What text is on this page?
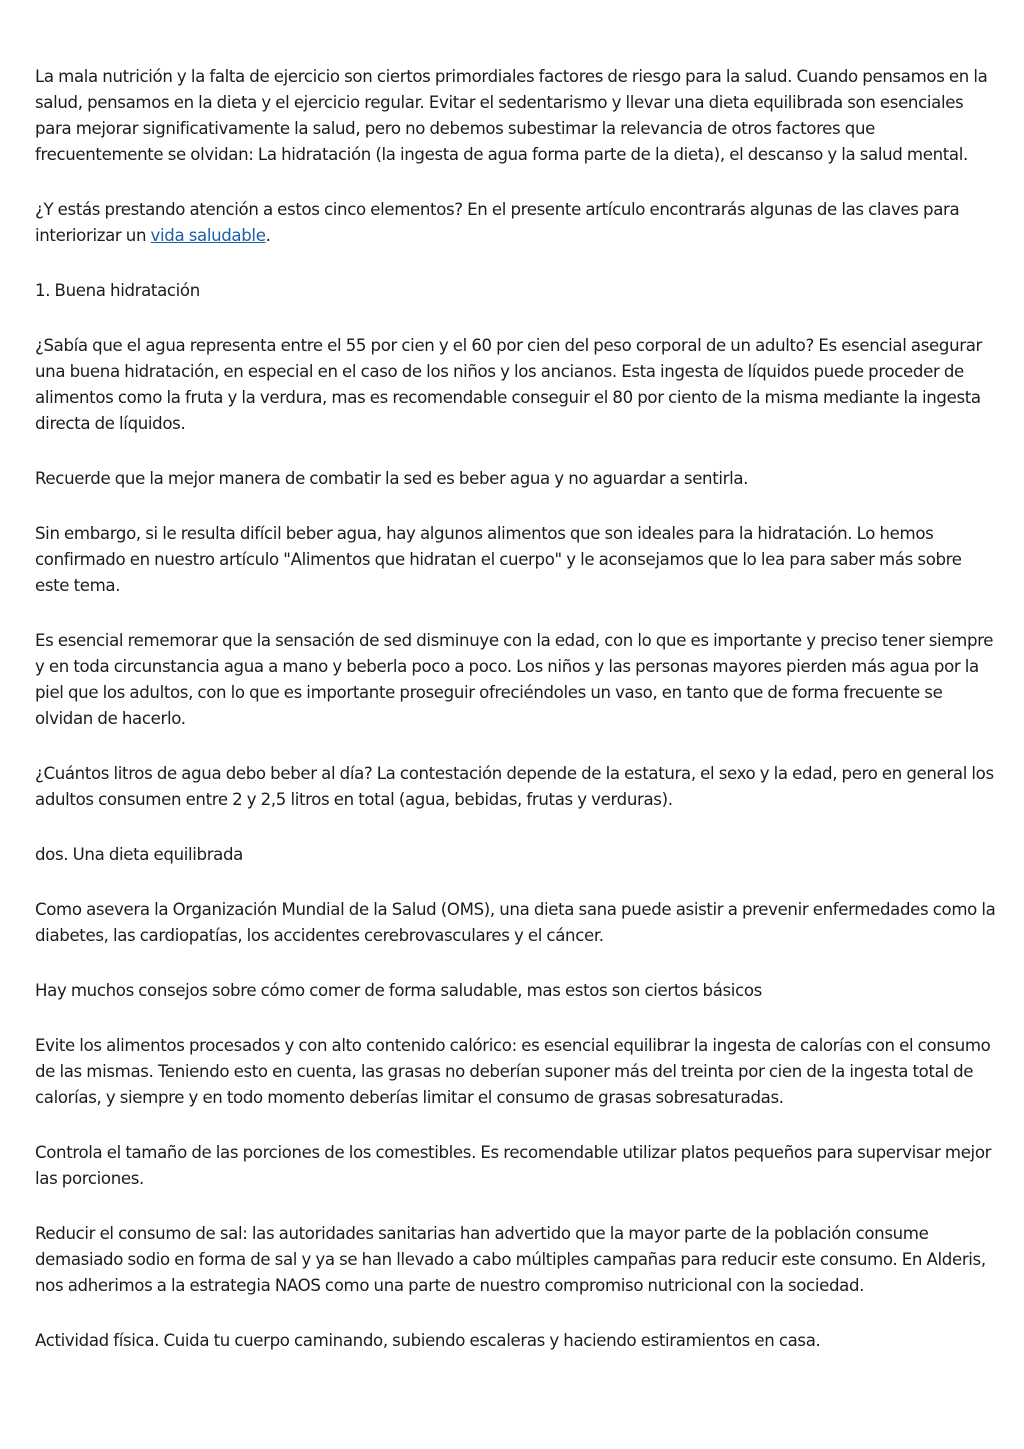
La mala nutrición y la falta de ejercicio son ciertos primordiales factores de riesgo para la salud. Cuando pensamos en la salud, pensamos en la dieta y el ejercicio regular. Evitar el sedentarismo y llevar una dieta equilibrada son esenciales para mejorar significativamente la salud, pero no debemos subestimar la relevancia de otros factores que frecuentemente se olvidan: La hidratación (la ingesta de agua forma parte de la dieta), el descanso y la salud mental.

¿Y estás prestando atención a estos cinco elementos? En el presente artículo encontrarás algunas de las claves para interiorizar un vida saludable.

1. Buena hidratación

¿Sabía que el agua representa entre el 55 por cien y el 60 por cien del peso corporal de un adulto? Es esencial asegurar una buena hidratación, en especial en el caso de los niños y los ancianos. Esta ingesta de líquidos puede proceder de alimentos como la fruta y la verdura, mas es recomendable conseguir el 80 por ciento de la misma mediante la ingesta directa de líquidos.

Recuerde que la mejor manera de combatir la sed es beber agua y no aguardar a sentirla.

Sin embargo, si le resulta difícil beber agua, hay algunos alimentos que son ideales para la hidratación. Lo hemos confirmado en nuestro artículo "Alimentos que hidratan el cuerpo" y le aconsejamos que lo lea para saber más sobre este tema.

Es esencial rememorar que la sensación de sed disminuye con la edad, con lo que es importante y preciso tener siempre y en toda circunstancia agua a mano y beberla poco a poco. Los niños y las personas mayores pierden más agua por la piel que los adultos, con lo que es importante proseguir ofreciéndoles un vaso, en tanto que de forma frecuente se olvidan de hacerlo.

¿Cuántos litros de agua debo beber al día? La contestación depende de la estatura, el sexo y la edad, pero en general los adultos consumen entre 2 y 2,5 litros en total (agua, bebidas, frutas y verduras).

dos. Una dieta equilibrada

Como asevera la Organización Mundial de la Salud (OMS), una dieta sana puede asistir a prevenir enfermedades como la diabetes, las cardiopatías, los accidentes cerebrovasculares y el cáncer.

Hay muchos consejos sobre cómo comer de forma saludable, mas estos son ciertos básicos

Evite los alimentos procesados y con alto contenido calórico: es esencial equilibrar la ingesta de calorías con el consumo de las mismas. Teniendo esto en cuenta, las grasas no deberían suponer más del treinta por cien de la ingesta total de calorías, y siempre y en todo momento deberías limitar el consumo de grasas sobresaturadas.

Controla el tamaño de las porciones de los comestibles. Es recomendable utilizar platos pequeños para supervisar mejor las porciones.

Reducir el consumo de sal: las autoridades sanitarias han advertido que la mayor parte de la población consume demasiado sodio en forma de sal y ya se han llevado a cabo múltiples campañas para reducir este consumo. En Alderis, nos adherimos a la estrategia NAOS como una parte de nuestro compromiso nutricional con la sociedad.

Actividad física. Cuida tu cuerpo caminando, subiendo escaleras y haciendo estiramientos en casa.
